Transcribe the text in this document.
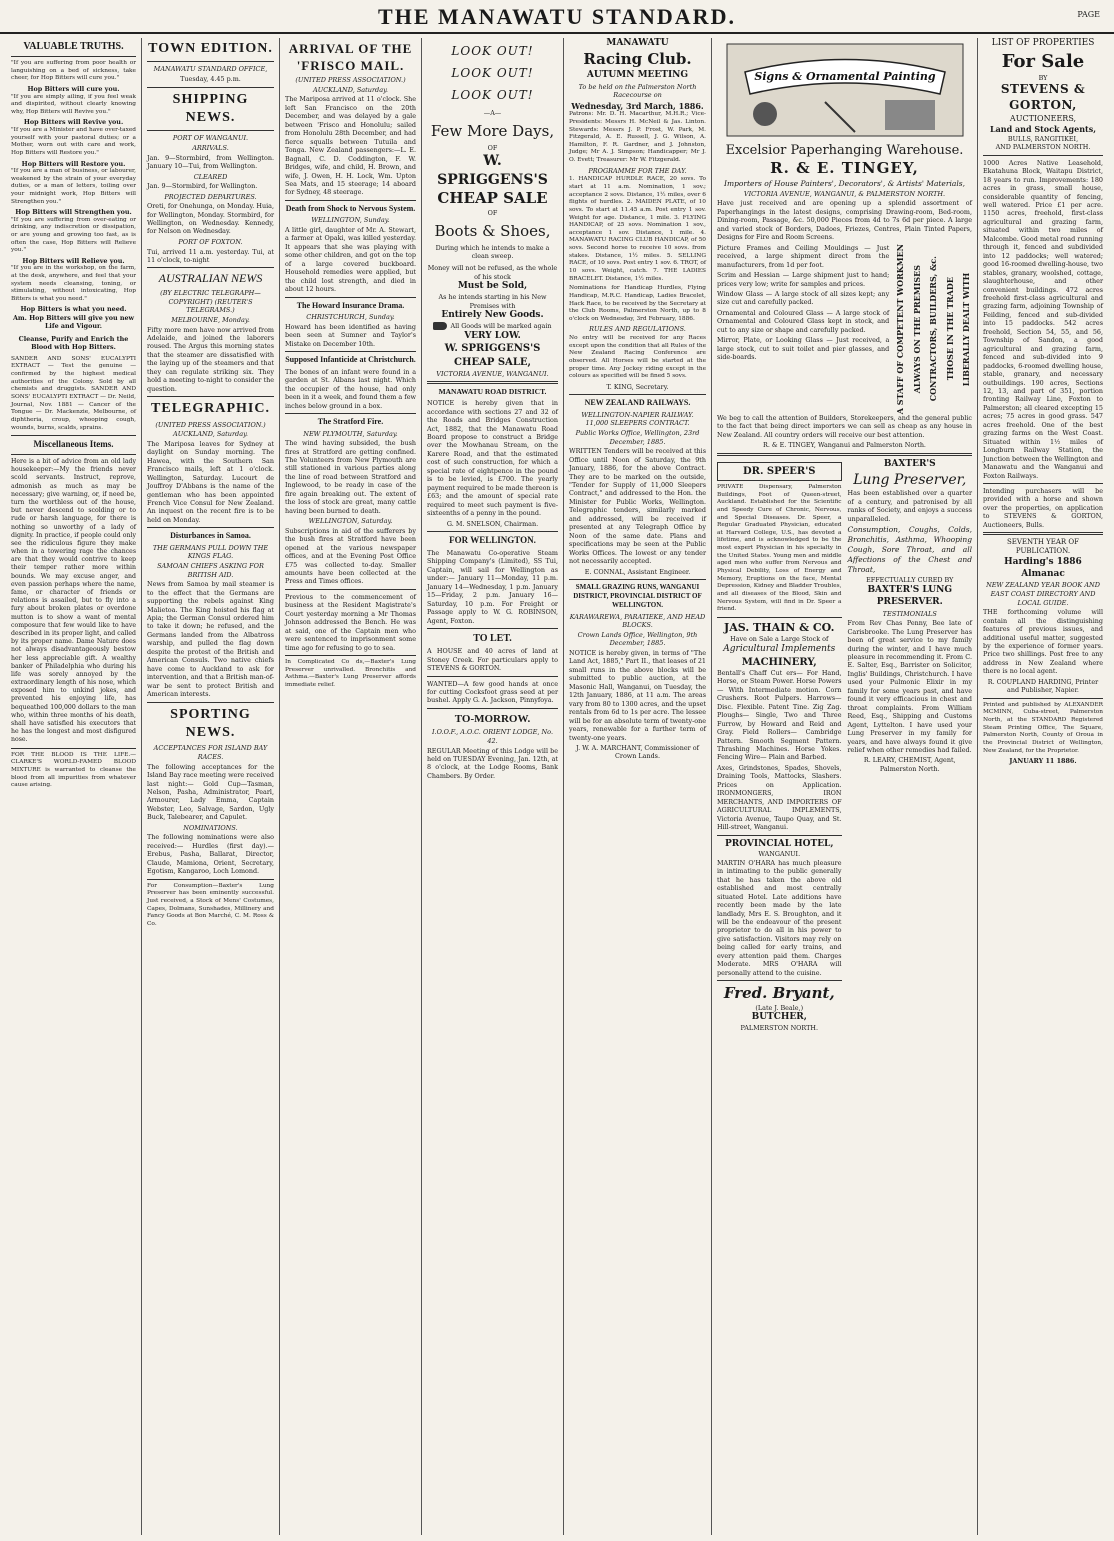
THE MANAWATU STANDARD.	PAGE
VALUABLE TRUTHS.

"If you are suffering from poor health or languishing on a bed of sickness, take cheer, for Hop Bitters will cure you."

Hop Bitters will cure you.

"If you are simply ailing, if you feel weak and dispirited, without clearly knowing why, Hop Bitters will Revive you."

Hop Bitters will Revive you.

"If you are a Minister and have over-taxed yourself with your pastoral duties; or a Mother, worn out with care and work, Hop Bitters will Restore you."

Hop Bitters will Restore you.

"If you are a man of business, or labourer, weakened by the strain of your everyday duties, or a man of letters, toiling over your midnight work, Hop Bitters will Strengthen you."

Hop Bitters will Strengthen you.

"If you are suffering from over-eating or drinking, any indiscretion or dissipation, or are young and growing too fast, as is often the case, Hop Bitters will Relieve you."

Hop Bitters will Relieve you.

"If you are in the workshop, on the farm, at the desk, anywhere, and feel that your system needs cleansing, toning, or stimulating, without intoxicating, Hop Bitters is what you need."

Hop Bitters is what you need.
Am. Hop Bitters will give you new Life and Vigour.
Cleanse, Purify and Enrich the Blood with Hop Bitters.

SANDER AND SONS' EUCALYPTI EXTRACT — Test the genuine — confirmed by the highest medical authorities of the Colony. Sold by all chemists and druggists. SANDER AND SONS' EUCALYPTI EXTRACT — Dr. Neild, Journal, Nov. 1881 — Cancer of the Tongue — Dr. Mackenzie, Melbourne, of diphtheria, croup, whooping cough, wounds, burns, scalds, sprains.

Miscellaneous Items.

Here is a bit of advice from an old lady housekeeper:—My the friends never scold servants. Instruct, reprove, admonish as much as may be necessary; give warning, or, if need be, turn the worthless out of the house, but never descend to scolding or to rude or harsh language, for there is nothing so unworthy of a lady of dignity. In practice, if people could only see the ridiculous figure they make when in a towering rage the chances are that they would contrive to keep their temper rather more within bounds. We may excuse anger, and even passion perhaps where the name, fame, or character of friends or relations is assailed, but to fly into a fury about broken plates or overdone mutton is to show a want of mental composure that few would like to have described in its proper light, and called by its proper name. Dame Nature does not always disadvantageously bestow her less appreciable gift. A wealthy banker of Philadelphia who during his life was sorely annoyed by the extraordinary length of his nose, which exposed him to unkind jokes, and prevented his enjoying life, has bequeathed 100,000 dollars to the man who, within three months of his death, shall have satisfied his executors that he has the longest and most disfigured nose.

FOR THE BLOOD IS THE LIFE.—CLARKE'S WORLD-FAMED BLOOD MIXTURE is warranted to cleanse the blood from all impurities from whatever cause arising.

TOWN EDITION.
MANAWATU STANDARD OFFICE,
Tuesday, 4.45 p.m.
SHIPPING NEWS.
PORT OF WANGANUI.
ARRIVALS.

Jan. 9—Stormbird, from Wellington. January 10—Tui, from Wellington.

CLEARED

Jan. 9—Stormbird, for Wellington.

PROJECTED DEPARTURES.

Oreti, for Onehunga, on Monday. Huia, for Wellington, Monday. Stormbird, for Wellington, on Wednesday. Kennedy, for Nelson on Wednesday.

PORT OF FOXTON.

Tui, arrived 11 a.m. yesterday. Tui, at 11 o'clock, to-night

AUSTRALIAN NEWS
(BY ELECTRIC TELEGRAPH—COPYRIGHT) (REUTER'S TELEGRAMS.)
MELBOURNE, Monday.

Fifty more men have now arrived from Adelaide, and joined the laborers roused. The Argus this morning states that the steamer are dissatisfied with the laying up of the steamers and that they can regulate striking six. They hold a meeting to-night to consider the question.

TELEGRAPHIC.
(UNITED PRESS ASSOCIATION.)
AUCKLAND, Saturday.

The Mariposa leaves for Sydney at daylight on Sunday morning. The Hawea, with the Southern San Francisco mails, left at 1 o'clock. Wellington, Saturday. Lucourt de Jouffroy D'Abbans is the name of the gentleman who has been appointed French Vice Consul for New Zealand. An inquest on the recent fire is to be held on Monday.

Disturbances in Samoa.
THE GERMANS PULL DOWN THE KINGS FLAG.
SAMOAN CHIEFS ASKING FOR BRITISH AID.

News from Samoa by mail steamer is to the effect that the Germans are supporting the rebels against King Malietoa. The King hoisted his flag at Apia; the German Consul ordered him to take it down; he refused, and the Germans landed from the Albatross warship, and pulled the flag down despite the protest of the British and American Consuls. Two native chiefs have come to Auckland to ask for intervention, and that a British man-of-war be sent to protect British and American interests.

SPORTING NEWS.
ACCEPTANCES FOR ISLAND BAY RACES.

The following acceptances for the Island Bay race meeting were received last night:— Gold Cup—Tasman, Nelson, Pasha, Administrator, Pearl, Armourer, Lady Emma, Captain Webster, Leo, Salvage, Sardon, Ugly Buck, Talebearer, and Capulet.

NOMINATIONS.

The following nominations were also received:— Hurdles (first day).—Erebus, Pasha, Ballarat, Director, Claude, Mamiona, Orient, Secretary, Egotism, Kangaroo, Loch Lomond.

For Consumption—Baxter's Lung Preserver has been eminently successful. Just received, a Stock of Mens' Costumes, Capes, Dolmans, Sunshades, Millinery and Fancy Goods at Bon Marché, C. M. Ross & Co.

ARRIVAL OF THE 'FRISCO MAIL.
(UNITED PRESS ASSOCIATION.)
AUCKLAND, Saturday.

The Mariposa arrived at 11 o'clock. She left San Francisco on the 20th December, and was delayed by a gale between 'Frisco and Honolulu; sailed from Honolulu 28th December, and had fierce squalls between Tutuila and Tonga. New Zealand passengers:—L. E. Bagnall, C. D. Coddington, F. W. Bridges, wife, and child, H. Brown, and wife, J. Owen, H. H. Lock, Wm. Upton Sea Mats, and 15 steerage; 14 aboard for Sydney, 48 steerage.

Death from Shock to Nervous System.
WELLINGTON, Sunday.

A little girl, daughter of Mr. A. Stewart, a farmer at Opaki, was killed yesterday. It appears that she was playing with some other children, and got on the top of a large covered buckboard. Household remedies were applied, but the child lost strength, and died in about 12 hours.

The Howard Insurance Drama.
CHRISTCHURCH, Sunday.

Howard has been identified as having been seen at Sumner and Taylor's Mistake on December 10th.

Supposed Infanticide at Christchurch.

The bones of an infant were found in a garden at St. Albans last night. Which the occupier of the house, had only been in it a week, and found them a few inches below ground in a box.

The Stratford Fire.
NEW PLYMOUTH, Saturday.

The wind having subsided, the bush fires at Stratford are getting confined. The Volunteers from New Plymouth are still stationed in various parties along the line of road between Stratford and Inglewood, to be ready in case of the fire again breaking out. The extent of the loss of stock are great, many cattle having been burned to death.

WELLINGTON, Saturday.

Subscriptions in aid of the sufferers by the bush fires at Stratford have been opened at the various newspaper offices, and at the Evening Post Office £75 was collected to-day. Smaller amounts have been collected at the Press and Times offices.

Previous to the commencement of business at the Resident Magistrate's Court yesterday morning a Mr Thomas Johnson addressed the Bench. He was at said, one of the Captain men who were sentenced to imprisonment some time ago for refusing to go to sea.

In Complicated Co ds,—Baxter's Lung Preserver unrivalled. Bronchitis and Asthma.—Baxter's Lung Preserver affords immediate relief.

LOOK OUT!
LOOK OUT!
LOOK OUT!
—A—
Few More Days,
OF
W. SPRIGGENS'S
CHEAP SALE
OF
Boots & Shoes,
During which he intends to make a clean sweep.
Money will not be refused, as the whole of his stock
Must be Sold,
As he intends starting in his New Premises with
Entirely New Goods.
All Goods will be marked again
VERY LOW.
W. SPRIGGENS'S
CHEAP SALE,
VICTORIA AVENUE, WANGANUI.
MANAWATU ROAD DISTRICT.

NOTICE is hereby given that in accordance with sections 27 and 32 of the Roads and Bridges Construction Act, 1882, that the Manawatu Road Board propose to construct a Bridge over the Mowhanau Stream, on the Karere Road, and that the estimated cost of such construction, for which a special rate of eightpence in the pound is to be levied, is £700. The yearly payment required to be made thereon is £63; and the amount of special rate required to meet such payment is five-sixteenths of a penny in the pound.

G. M. SNELSON, Chairman.
FOR WELLINGTON.

The Manawatu Co-operative Steam Shipping Company's (Limited), SS Tui, Captain, will sail for Wellington as under:— January 11—Monday, 11 p.m. January 14—Wednesday, 1 p.m. January 15—Friday, 2 p.m. January 16—Saturday, 10 p.m. For Freight or Passage apply to W. G. ROBINSON, Agent, Foxton.

TO LET.

A HOUSE and 40 acres of land at Stoney Creek. For particulars apply to STEVENS & GORTON.

WANTED—A few good hands at once for cutting Cocksfoot grass seed at per bushel. Apply G. A. Jackson, Pinnyfoya.

TO-MORROW.
I.O.O.F., A.O.C. ORIENT LODGE, No. 42.

REGULAR Meeting of this Lodge will be held on TUESDAY Evening, Jan. 12th, at 8 o'clock, at the Lodge Rooms, Bank Chambers. By Order.

MANAWATU
Racing Club.
AUTUMN MEETING
To be held on the Palmerston North Racecourse on
Wednesday, 3rd March, 1886.

Patrons: Mr. D. H. Macarthur, M.H.R.; Vice-Presidents: Messrs H. McNeil & Jas. Linton. Stewards: Messrs J. P. Frost, W. Park, M. Fitzgerald, A. E. Russell, J. G. Wilson, A. Hamilton, F. R. Gardner, and J. Johnston, Judge; Mr A. J. Simpson; Handicapper; Mr J. O. Evett; Treasurer: Mr W. Fitzgerald.

PROGRAMME FOR THE DAY.

1. HANDICAP HURDLE RACE, 20 sovs. To start at 11 a.m. Nomination, 1 sov.; acceptance 2 sovs. Distance, 1½ miles, over 6 flights of hurdles. 2. MAIDEN PLATE, of 10 sovs. To start at 11.45 a.m. Post entry 1 sov. Weight for age. Distance, 1 mile. 3. FLYING HANDICAP, of 25 sovs. Nomination 1 sov., acceptance 1 sov. Distance, 1 mile. 4. MANAWATU RACING CLUB HANDICAP, of 50 sovs. Second horse to receive 10 sovs. from stakes. Distance, 1½ miles. 5. SELLING RACE, of 10 sovs. Post entry 1 sov. 6. TROT, of 10 sovs. Weight, catch. 7. THE LADIES BRACELET. Distance, 1½ miles.

Nominations for Handicap Hurdles, Flying Handicap, M.R.C. Handicap, Ladies Bracelet, Hack Race, to be received by the Secretary at the Club Rooms, Palmerston North, up to 8 o'clock on Wednesday, 3rd February, 1886.

RULES AND REGULATIONS.

No entry will be received for any Races except upon the condition that all Rules of the New Zealand Racing Conference are observed. All Horses will be started at the proper time. Any Jockey riding except in the colours as specified will be fined 5 sovs.

T. KING, Secretary.
NEW ZEALAND RAILWAYS.
WELLINGTON-NAPIER RAILWAY. 11,000 SLEEPERS CONTRACT.
Public Works Office, Wellington, 23rd December, 1885.

WRITTEN Tenders will be received at this Office until Noon of Saturday, the 9th January, 1886, for the above Contract. They are to be marked on the outside, "Tender for Supply of 11,000 Sleepers Contract," and addressed to the Hon. the Minister for Public Works, Wellington. Telegraphic tenders, similarly marked and addressed, will be received if presented at any Telegraph Office by Noon of the same date. Plans and specifications may be seen at the Public Works Offices. The lowest or any tender not necessarily accepted.

E. CONNAL, Assistant Engineer.
SMALL GRAZING RUNS, WANGANUI DISTRICT, PROVINCIAL DISTRICT OF WELLINGTON.
KARAWAREWA, PARATIEKE, AND HEAD BLOCKS.
Crown Lands Office, Wellington, 9th December, 1885.

NOTICE is hereby given, in terms of "The Land Act, 1885," Part II., that leases of 21 small runs in the above blocks will be submitted to public auction, at the Masonic Hall, Wanganui, on Tuesday, the 12th January, 1886, at 11 a.m. The areas vary from 80 to 1300 acres, and the upset rentals from 6d to 1s per acre. The lessee will be for an absolute term of twenty-one years, renewable for a further term of twenty-one years.

J. W. A. MARCHANT, Commissioner of Crown Lands.
Signs & Ornamental Painting
Excelsior Paperhanging Warehouse.
R. & E. TINGEY,
Importers of House Painters', Decorators', & Artists' Materials,
VICTORIA AVENUE, WANGANUI, & PALMERSTON NORTH.

Have just received and are opening up a splendid assortment of Paperhangings in the latest designs, comprising Drawing-room, Bed-room, Dining-room, Passage, &c. 50,000 Pieces from 4d to 7s 6d per piece. A large and varied stock of Borders, Dadoes, Friezes, Centres, Plain Tinted Papers, Designs for Fire and Room Screens.

Picture Frames and Ceiling Mouldings — Just received, a large shipment direct from the manufacturers, from 1d per foot.

Scrim and Hessian — Large shipment just to hand; prices very low; write for samples and prices.

Window Glass — A large stock of all sizes kept; any size cut and carefully packed.

Ornamental and Coloured Glass — A large stock of Ornamental and Coloured Glass kept in stock, and cut to any size or shape and carefully packed.

Mirror, Plate, or Looking Glass — Just received, a large stock, cut to suit toilet and pier glasses, and side-boards.	A STAFF OF COMPETENT WORKMEN ALWAYS ON THE PREMISES CONTRACTORS, BUILDERS, &c. THOSE IN THE TRADE LIBERALLY DEALT WITH

We beg to call the attention of Builders, Storekeepers, and the general public to the fact that being direct importers we can sell as cheap as any house in New Zealand. All country orders will receive our best attention.

R. & E. TINGEY, Wanganui and Palmerston North.
DR. SPEER'S

PRIVATE Dispensary, Palmerston Buildings, Foot of Queen-street, Auckland. Established for the Scientific and Speedy Cure of Chronic, Nervous, and Special Diseases. Dr. Speer, a Regular Graduated Physician, educated at Harvard College, U.S., has devoted a lifetime, and is acknowledged to be the most expert Physician in his specialty in the United States. Young men and middle aged men who suffer from Nervous and Physical Debility, Loss of Energy and Memory, Eruptions on the face, Mental Depression, Kidney and Bladder Troubles, and all diseases of the Blood, Skin and Nervous System, will find in Dr. Speer a friend.

JAS. THAIN & CO.
Have on Sale a Large Stock of
Agricultural Implements
MACHINERY,

Bentall's Chaff Cut ers— For Hand, Horse, or Steam Power. Horse Powers— With Intermediate motion. Corn Crushers. Root Pulpers. Harrows— Disc. Flexible. Patent Tine. Zig Zag. Ploughs— Single, Two and Three Furrow, by Howard and Reid and Gray. Field Rollers— Cambridge Pattern. Smooth Segment Pattern. Thrashing Machines. Horse Yokes. Fencing Wire— Plain and Barbed.

Axes, Grindstones, Spades, Shovels, Draining Tools, Mattocks, Slashers. Prices on Application. IRONMONGERS, IRON MERCHANTS, AND IMPORTERS OF AGRICULTURAL IMPLEMENTS, Victoria Avenue, Taupo Quay, and St. Hill-street, Wanganui.

PROVINCIAL HOTEL,
WANGANUI.

MARTIN O'HARA has much pleasure in intimating to the public generally that he has taken the above old established and most centrally situated Hotel. Late additions have recently been made by the late landlady, Mrs E. S. Broughton, and it will be the endeavour of the present proprietor to do all in his power to give satisfaction. Visitors may rely on being called for early trains, and every attention paid them. Charges Moderate. MRS O'HARA will personally attend to the cuisine.

Fred. Bryant,
(Late J. Beale,)
BUTCHER,
PALMERSTON NORTH.
BAXTER'S
Lung Preserver,

Has been established over a quarter of a century, and patronised by all ranks of Society, and enjoys a success unparalleled.

Consumption, Coughs, Colds, Bronchitis, Asthma, Whooping Cough, Sore Throat, and all Affections of the Chest and Throat,

EFFECTUALLY CURED BY
BAXTER'S LUNG PRESERVER.
TESTIMONIALS

From Rev Chas Penny, Bee late of Carisbrooke. The Lung Preserver has been of great service to my family during the winter, and I have much pleasure in recommending it. From C. E. Salter, Esq., Barrister on Solicitor, Inglis' Buildings, Christchurch. I have used your Pulmonic Elixir in my family for some years past, and have found it very efficacious in chest and throat complaints. From William Reed, Esq., Shipping and Customs Agent, Lyttelton. I have used your Lung Preserver in my family for years, and have always found it give relief when other remedies had failed.

R. LEARY, CHEMIST, Agent, Palmerston North.
LIST OF PROPERTIES
For Sale
BY
STEVENS & GORTON,
AUCTIONEERS,
Land and Stock Agents,
BULLS, RANGITIKEI,
AND PALMERSTON NORTH.

1000 Acres Native Leasehold, Ekatahuna Block, Waitapu District, 18 years to run. Improvements: 180 acres in grass, small house, considerable quantity of fencing, well watered. Price £1 per acre. 1150 acres, freehold, first-class agricultural and grazing farm, situated within two miles of Malcombe. Good metal road running through it, fenced and subdivided into 12 paddocks; well watered; good 16-roomed dwelling-house, two stables, granary, woolshed, cottage, slaughterhouse, and other convenient buildings. 472 acres freehold first-class agricultural and grazing farm, adjoining Township of Feilding, fenced and sub-divided into 15 paddocks. 542 acres freehold, Section 54, 55, and 56, Township of Sandon, a good agricultural and grazing farm, fenced and sub-divided into 9 paddocks, 6-roomed dwelling house, stable, granary, and necessary outbuildings. 190 acres, Sections 12, 13, and part of 351, portion fronting Railway Line, Foxton to Palmerston; all cleared excepting 15 acres; 75 acres in good grass. 547 acres freehold. One of the best grazing farms on the West Coast. Situated within 1½ miles of Longburn Railway Station, the Junction between the Wellington and Manawatu and the Wanganui and Foxton Railways.

Intending purchasers will be provided with a horse and shown over the properties, on application to STEVENS & GORTON, Auctioneers, Bulls.

SEVENTH YEAR OF PUBLICATION.
Harding's 1886 Almanac
NEW ZEALAND YEAR BOOK AND EAST COAST DIRECTORY AND LOCAL GUIDE.

THE forthcoming volume will contain all the distinguishing features of previous issues, and additional useful matter, suggested by the experience of former years. Price two shillings. Post free to any address in New Zealand where there is no local agent.

R. COUPLAND HARDING, Printer and Publisher, Napier.

Printed and published by ALEXANDER MCMINN, Cuba-street, Palmerston North, at the STANDARD Registered Steam Printing Office, The Square, Palmerston North, County of Oroua in the Provincial District of Wellington, New Zealand, for the Proprietor.

JANUARY 11 1886.
